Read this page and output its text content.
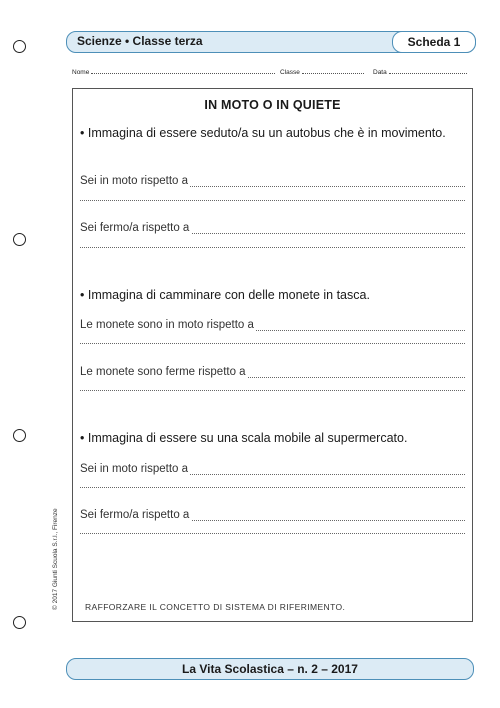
Scienze • Classe terza	Scheda 1
Nome	Classe	Data
IN MOTO O IN QUIETE
• Immagina di essere seduto/a su un autobus che è in movimento.
Sei in moto rispetto a
Sei fermo/a rispetto a
• Immagina di camminare con delle monete in tasca.
Le monete sono in moto rispetto a
Le monete sono ferme rispetto a
• Immagina di essere su una scala mobile al supermercato.
Sei in moto rispetto a
Sei fermo/a rispetto a
RAFFORZARE IL CONCETTO DI SISTEMA DI RIFERIMENTO.
© 2017 Giunti Scuola S.r.l., Firenze
La Vita Scolastica – n. 2 – 2017
